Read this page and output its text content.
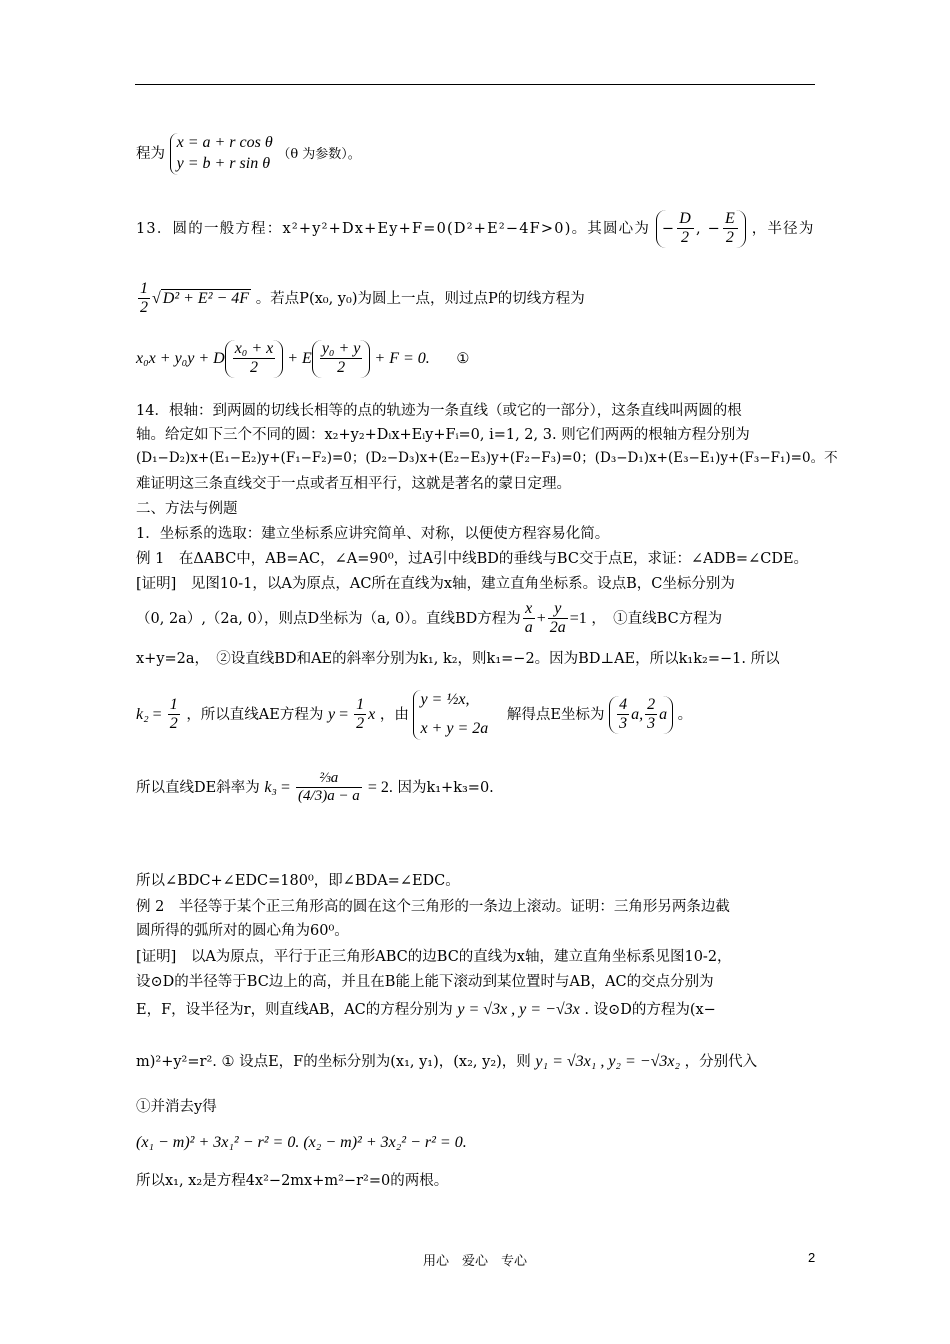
程为
x = a + r cos θ
y = b + r sin θ
（θ 为参数）。
13．圆的一般方程：x²+y²+Dx+Ey+F=0(D²+E²−4F>0)。其圆心为 − $\frac{D}{2}$ , − $\frac{E}{2}$ ，半径为
$\frac{1}{2}$ √ D² + E² − 4F 。若点P(x₀, y₀)为圆上一点，则过点P的切线方程为
x₀x + y₀y + D $\frac{\text{x₀ + x}}{2} + E \frac{\text{y₀ + y}}{2} + F = 0$. ①
14．根轴：到两圆的切线长相等的点的轨迹为一条直线（或它的一部分），这条直线叫两圆的根
轴。给定如下三个不同的圆：x₂+y₂+Dᵢx+Eᵢy+Fᵢ=0, i=1, 2, 3. 则它们两两的根轴方程分别为
(D₁−D₂)x+(E₁−E₂)y+(F₁−F₂)=0；(D₂−D₃)x+(E₂−E₃)y+(F₂−F₃)=0；(D₃−D₁)x+(E₃−E₁)y+(F₃−F₁)=0。不
难证明这三条直线交于一点或者互相平行，这就是著名的蒙日定理。
二、方法与例题
1．坐标系的选取：建立坐标系应讲究简单、对称，以便使方程容易化简。
例 1　在ΔABC中，AB=AC，∠A=90⁰，过A引中线BD的垂线与BC交于点E，求证：∠ADB=∠CDE。
[证明]　见图10-1，以A为原点，AC所在直线为x轴，建立直角坐标系。设点B，C坐标分别为
（0, 2a）,（2a, 0），则点D坐标为（a, 0）。直线BD方程为 $\frac{x}{a} + \frac{y}{2a} =1$ ，　①直线BC方程为
x+y=2a，　②设直线BD和AE的斜率分别为k₁, k₂，则k₁=−2。因为BD⊥AE，所以k₁k₂=−1. 所以
$k_2 = \frac{1}{2}$ ，所以直线AE方程为 $y = \frac{1}{2}$ x ，由
y = ½x,
x + y = 2a
解得点E坐标为 $\frac{4}{3} a$, $\frac{2}{3}$ a 。
所以直线DE斜率为 $k_3 = \frac{\text{⅔a}}{(4/3)a - a} = 2$. 因为k₁+k₃=0.
所以∠BDC+∠EDC=180⁰，即∠BDA=∠EDC。
例 2　半径等于某个正三角形高的圆在这个三角形的一条边上滚动。证明：三角形另两条边截
圆所得的弧所对的圆心角为60⁰。
[证明]　以A为原点，平行于正三角形ABC的边BC的直线为x轴，建立直角坐标系见图10-2，
设⊙D的半径等于BC边上的高，并且在B能上能下滚动到某位置时与AB，AC的交点分别为
E，F，设半径为r，则直线AB，AC的方程分别为 y = √3x , y = −√3x . 设⊙D的方程为(x−
m)²+y²=r². ① 设点E，F的坐标分别为(x₁, y₁)，(x₂, y₂)，则 y₁ = √3x₁ , y₂ = −√3x₂ ，分别代入
①并消去y得
(x₁ − m)² + 3x₁² − r² = 0. (x₂ − m)² + 3x₂² − r² = 0.
所以x₁, x₂是方程4x²−2mx+m²−r²=0的两根。
用心　爱心　专心	2
